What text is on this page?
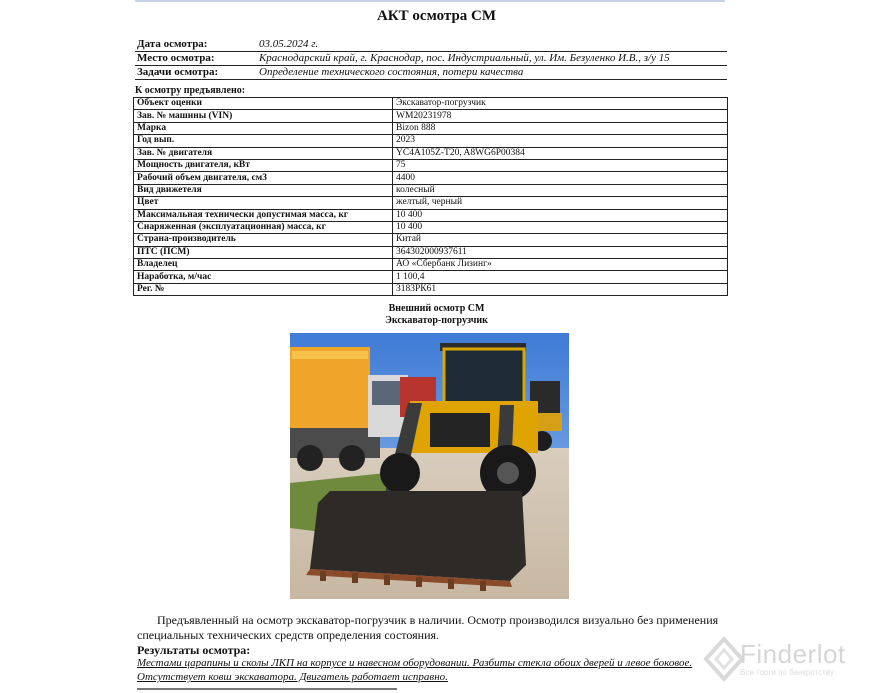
АКТ осмотра СМ
Дата осмотра:	03.05.2024 г.
Место осмотра:	Краснодарский край, г. Краснодар, пос. Индустриальный, ул. Им. Безуленко И.В., з/у 15
Задачи осмотра:	Определение технического состояния, потери качества
К осмотру предъявлено:
Объект оценки	Экскаватор-погрузчик
Зав. № машины (VIN)	WM20231978
Марка	Bizon 888
Год вып.	2023
Зав. № двигателя	YC4A105Z-T20, A8WG6P00384
Мощность двигателя, кВт	75
Рабочий объем двигателя, см3	4400
Вид движетеля	колесный
Цвет	желтый, черный
Максимальная технически допустимая масса, кг	10 400
Снаряженная (эксплуатационная) масса, кг	10 400
Страна-производитель	Китай
ПТС (ПСМ)	364302000937611
Владелец	АО «Сбербанк Лизинг»
Наработка, м/час	1 100,4
Рег. №	3183РК61
Внешний осмотр СМ
Экскаватор-погрузчик
Предъявленный на осмотр экскаватор-погрузчик в наличии. Осмотр производился визуально без применения специальных технических средств определения состояния.
Результаты осмотра:
Местами царапины и сколы ЛКП на корпусе и навесном оборудовании. Разбиты стекла обоих дверей и левое боковое. Отсутствует ковш экскаватора. Двигатель работает исправно.
Finderlot
Все торги по банкротству
